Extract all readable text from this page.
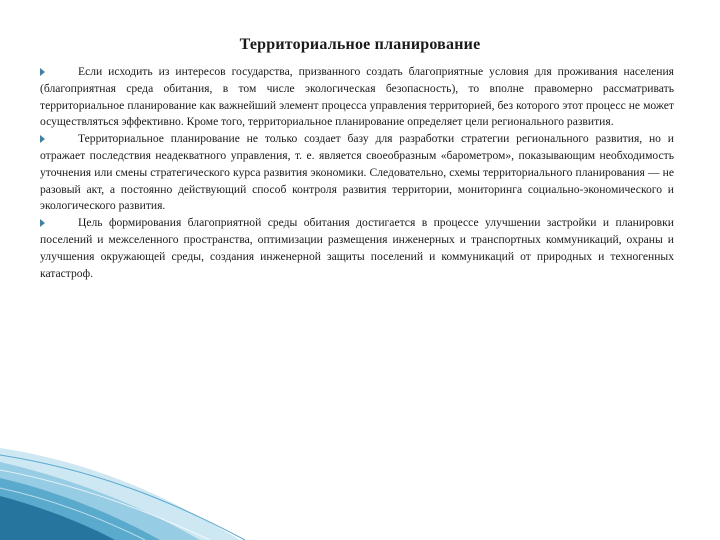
Территориальное планирование

Если исходить из интересов государства, призванного создать благоприятные условия для проживания населения (благоприятная среда обитания, в том числе экологическая безопасность), то вполне правомерно рассматривать территориальное планирование как важнейший элемент процесса управления территорией, без которого этот процесс не может осуществляться эффективно. Кроме того, территориальное планирование определяет цели регионального развития.

Территориальное планирование не только создает базу для разработки стратегии регионального развития, но и отражает последствия неадекватного управления, т. е. является своеобразным «барометром», показывающим необходимость уточнения или смены стратегического курса развития экономики. Следовательно, схемы территориального планирования — не разовый акт, а постоянно действующий способ контроля развития территории, мониторинга социально-экономического и экологического развития.

Цель формирования благоприятной среды обитания достигается в процессе улучшении застройки и планировки поселений и межселенного пространства, оптимизации размещения инженерных и транспортных коммуникаций, охраны и улучшения окружающей среды, создания инженерной защиты поселений и коммуникаций от природных и техногенных катастроф.
